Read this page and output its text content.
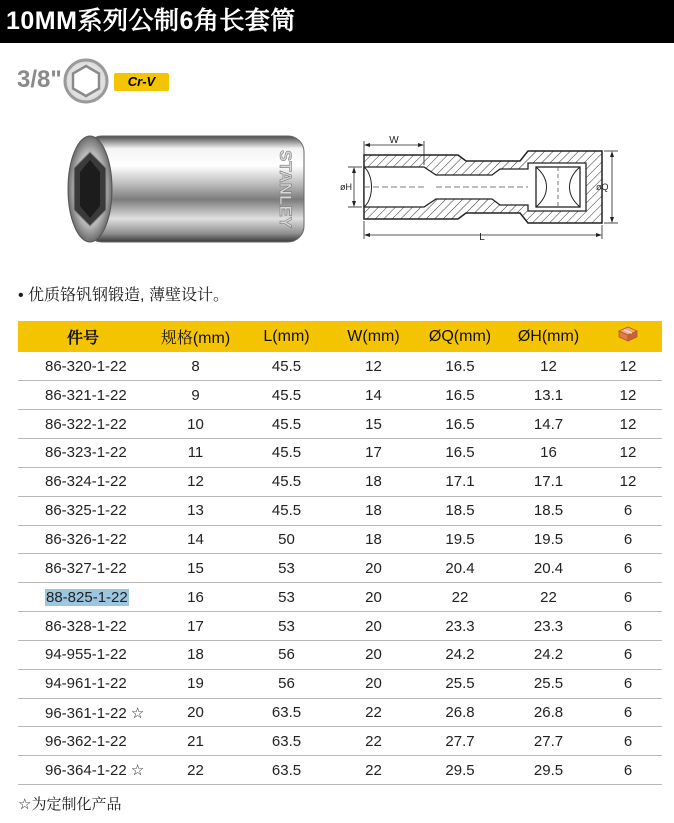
10MM系列公制6角长套筒
3/8"	Cr-V
STANLEY
W
øH	øQ
L
• 优质铬钒钢锻造, 薄壁设计。
件号	规格(mm)	L(mm)	W(mm)	ØQ(mm)	ØH(mm)	
86-320-1-22	8	45.5	12	16.5	12	12
86-321-1-22	9	45.5	14	16.5	13.1	12
86-322-1-22	10	45.5	15	16.5	14.7	12
86-323-1-22	11	45.5	17	16.5	16	12
86-324-1-22	12	45.5	18	17.1	17.1	12
86-325-1-22	13	45.5	18	18.5	18.5	6
86-326-1-22	14	50	18	19.5	19.5	6
86-327-1-22	15	53	20	20.4	20.4	6
88-825-1-22	16	53	20	22	22	6
86-328-1-22	17	53	20	23.3	23.3	6
94-955-1-22	18	56	20	24.2	24.2	6
94-961-1-22	19	56	20	25.5	25.5	6
96-361-1-22 ☆	20	63.5	22	26.8	26.8	6
96-362-1-22	21	63.5	22	27.7	27.7	6
96-364-1-22 ☆	22	63.5	22	29.5	29.5	6
☆为定制化产品
